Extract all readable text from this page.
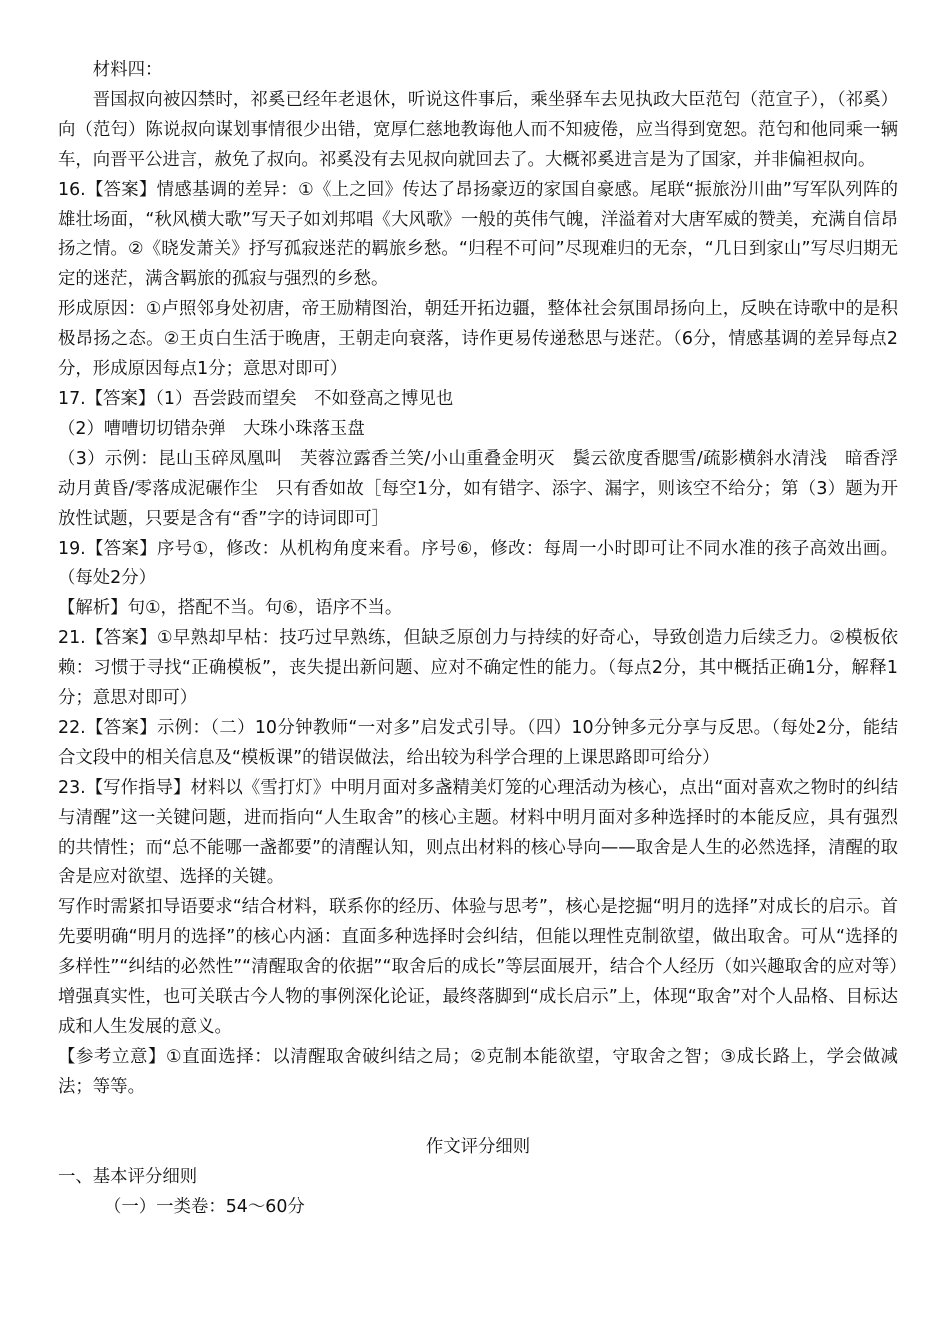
材料四：

晋国叔向被囚禁时，祁奚已经年老退休，听说这件事后，乘坐驿车去见执政大臣范匄（范宣子），（祁奚）向（范匄）陈说叔向谋划事情很少出错，宽厚仁慈地教诲他人而不知疲倦，应当得到宽恕。范匄和他同乘一辆车，向晋平公进言，赦免了叔向。祁奚没有去见叔向就回去了。大概祁奚进言是为了国家，并非偏袒叔向。

16.【答案】情感基调的差异：①《上之回》传达了昂扬豪迈的家国自豪感。尾联“振旅汾川曲”写军队列阵的雄壮场面，“秋风横大歌”写天子如刘邦唱《大风歌》一般的英伟气魄，洋溢着对大唐军威的赞美，充满自信昂扬之情。②《晓发萧关》抒写孤寂迷茫的羁旅乡愁。“归程不可问”尽现难归的无奈，“几日到家山”写尽归期无定的迷茫，满含羁旅的孤寂与强烈的乡愁。

形成原因：①卢照邻身处初唐，帝王励精图治，朝廷开拓边疆，整体社会氛围昂扬向上，反映在诗歌中的是积极昂扬之态。②王贞白生活于晚唐，王朝走向衰落，诗作更易传递愁思与迷茫。（6分，情感基调的差异每点2分，形成原因每点1分；意思对即可）

17.【答案】（1）吾尝跂而望矣　不如登高之博见也

（2）嘈嘈切切错杂弹　大珠小珠落玉盘

（3）示例：昆山玉碎凤凰叫　芙蓉泣露香兰笑/小山重叠金明灭　鬓云欲度香腮雪/疏影横斜水清浅　暗香浮动月黄昏/零落成泥碾作尘　只有香如故［每空1分，如有错字、添字、漏字，则该空不给分；第（3）题为开放性试题，只要是含有“香”字的诗词即可］

19.【答案】序号①，修改：从机构角度来看。序号⑥，修改：每周一小时即可让不同水准的孩子高效出画。（每处2分）

【解析】句①，搭配不当。句⑥，语序不当。

21.【答案】①早熟却早枯：技巧过早熟练，但缺乏原创力与持续的好奇心，导致创造力后续乏力。②模板依赖：习惯于寻找“正确模板”，丧失提出新问题、应对不确定性的能力。（每点2分，其中概括正确1分，解释1分；意思对即可）

22.【答案】示例：（二）10分钟教师“一对多”启发式引导。（四）10分钟多元分享与反思。（每处2分，能结合文段中的相关信息及“模板课”的错误做法，给出较为科学合理的上课思路即可给分）

23.【写作指导】材料以《雪打灯》中明月面对多盏精美灯笼的心理活动为核心，点出“面对喜欢之物时的纠结与清醒”这一关键问题，进而指向“人生取舍”的核心主题。材料中明月面对多种选择时的本能反应，具有强烈的共情性；而“总不能哪一盏都要”的清醒认知，则点出材料的核心导向——取舍是人生的必然选择，清醒的取舍是应对欲望、选择的关键。

写作时需紧扣导语要求“结合材料，联系你的经历、体验与思考”，核心是挖掘“明月的选择”对成长的启示。首先要明确“明月的选择”的核心内涵：直面多种选择时会纠结，但能以理性克制欲望，做出取舍。可从“选择的多样性”“纠结的必然性”“清醒取舍的依据”“取舍后的成长”等层面展开，结合个人经历（如兴趣取舍的应对等）增强真实性，也可关联古今人物的事例深化论证，最终落脚到“成长启示”上，体现“取舍”对个人品格、目标达成和人生发展的意义。

【参考立意】①直面选择：以清醒取舍破纠结之局；②克制本能欲望，守取舍之智；③成长路上，学会做减法；等等。

作文评分细则

一、基本评分细则

（一）一类卷：54～60分
